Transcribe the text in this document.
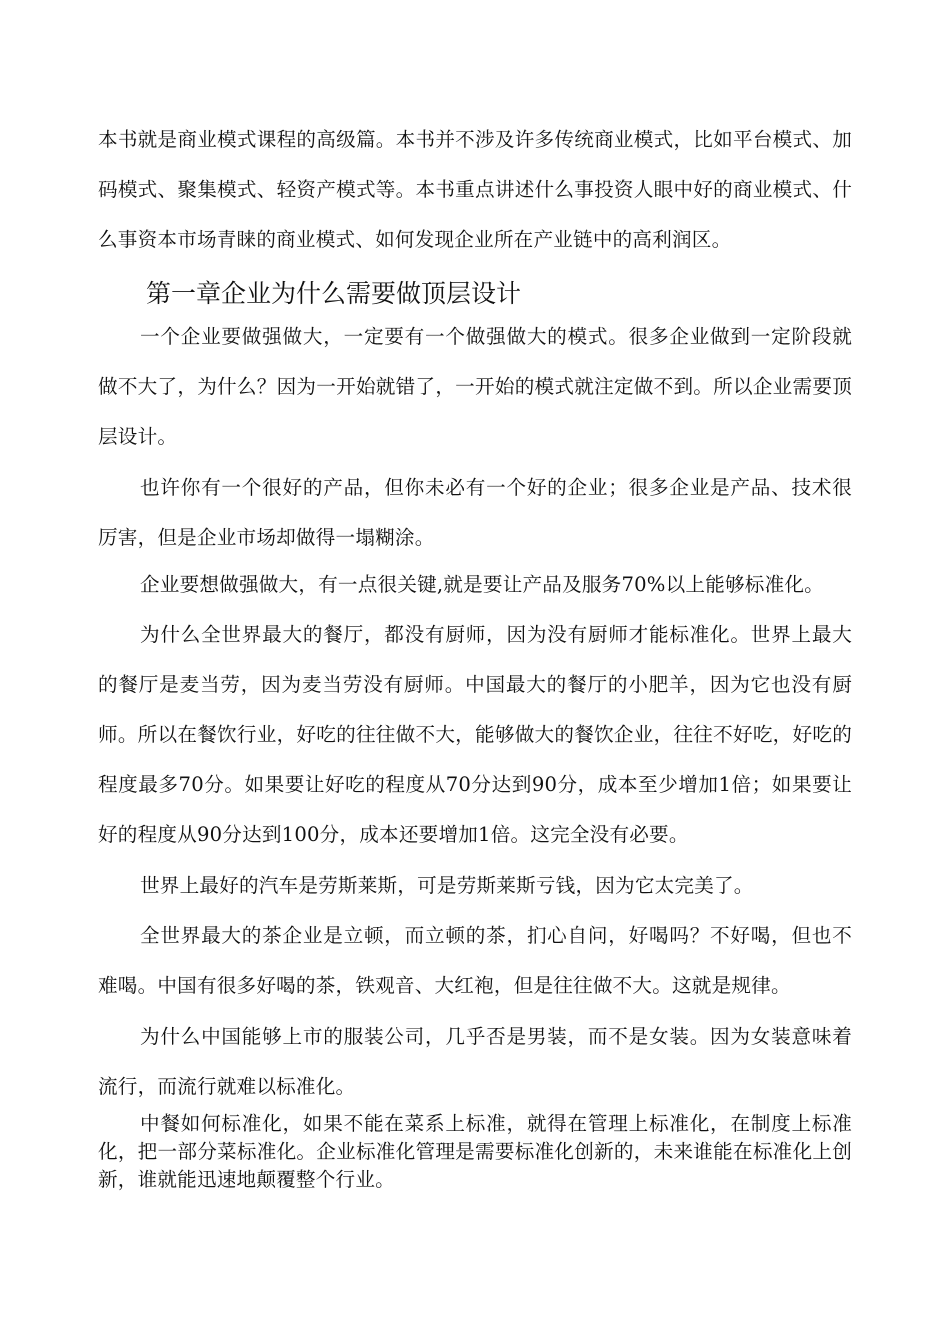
本书就是商业模式课程的高级篇。本书并不涉及许多传统商业模式，比如平台模式、加码模式、聚集模式、轻资产模式等。本书重点讲述什么事投资人眼中好的商业模式、什么事资本市场青睐的商业模式、如何发现企业所在产业链中的高利润区。

第一章企业为什么需要做顶层设计

一个企业要做强做大，一定要有一个做强做大的模式。很多企业做到一定阶段就做不大了，为什么？因为一开始就错了，一开始的模式就注定做不到。所以企业需要顶层设计。

也许你有一个很好的产品，但你未必有一个好的企业；很多企业是产品、技术很厉害，但是企业市场却做得一塌糊涂。

企业要想做强做大，有一点很关键,就是要让产品及服务70%以上能够标准化。

为什么全世界最大的餐厅，都没有厨师，因为没有厨师才能标准化。世界上最大的餐厅是麦当劳，因为麦当劳没有厨师。中国最大的餐厅的小肥羊，因为它也没有厨师。所以在餐饮行业，好吃的往往做不大，能够做大的餐饮企业，往往不好吃，好吃的程度最多70分。如果要让好吃的程度从70分达到90分，成本至少增加1倍；如果要让好的程度从90分达到100分，成本还要增加1倍。这完全没有必要。

世界上最好的汽车是劳斯莱斯，可是劳斯莱斯亏钱，因为它太完美了。

全世界最大的茶企业是立顿，而立顿的茶，扪心自问，好喝吗？不好喝，但也不难喝。中国有很多好喝的茶，铁观音、大红袍，但是往往做不大。这就是规律。

为什么中国能够上市的服装公司，几乎否是男装，而不是女装。因为女装意味着流行，而流行就难以标准化。

中餐如何标准化，如果不能在菜系上标准，就得在管理上标准化，在制度上标准化，把一部分菜标准化。企业标准化管理是需要标准化创新的，未来谁能在标准化上创新，谁就能迅速地颠覆整个行业。
